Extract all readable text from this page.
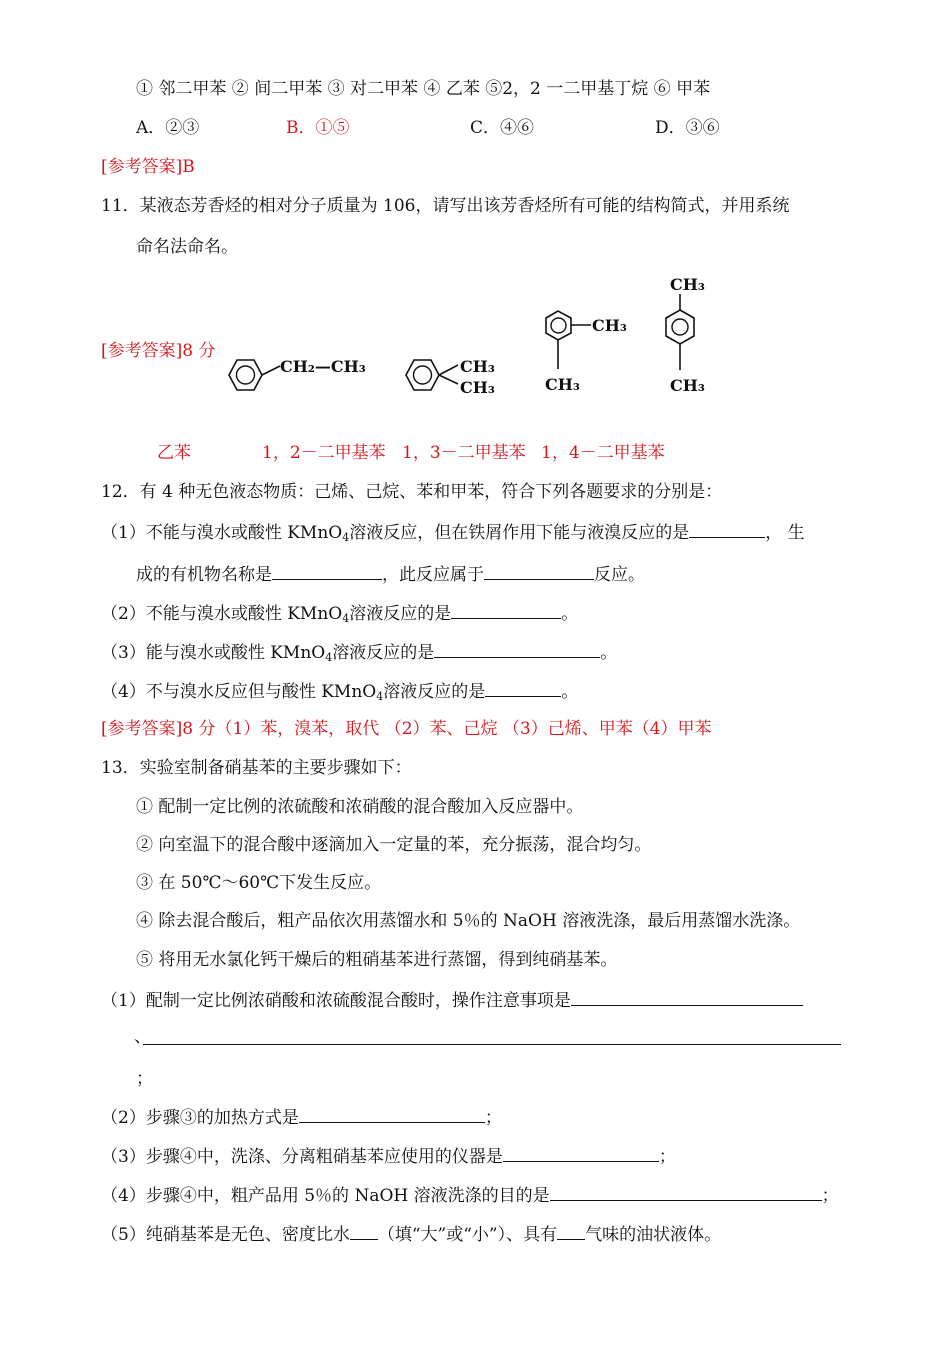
① 邻二甲苯 ② 间二甲苯 ③ 对二甲苯 ④ 乙苯 ⑤2，2 一二甲基丁烷 ⑥ 甲苯
A．②③	B．①⑤	C．④⑥	D．③⑥
[参考答案]B
11．某液态芳香烃的相对分子质量为 106，请写出该芳香烃所有可能的结构简式，并用系统
命名法命名。
[参考答案]8 分
CH₂—CH₃	CH₃
CH₃
CH₃
CH₃
CH₃
CH₃
乙苯	1，2－二甲基苯 1，3－二甲基苯 1，4－二甲基苯
12．有 4 种无色液态物质：己烯、己烷、苯和甲苯，符合下列各题要求的分别是：
（1）不能与溴水或酸性 KMnO$_4$溶液反应，但在铁屑作用下能与液溴反应的是	， 生
成的有机物名称是	，此反应属于	反应。
（2）不能与溴水或酸性 KMnO$_4$溶液反应的是	。
（3）能与溴水或酸性 KMnO$_4$溶液反应的是	。
（4）不与溴水反应但与酸性 KMnO$_4$溶液反应的是	。
[参考答案]8 分（1）苯，溴苯，取代 （2）苯、己烷 （3）己烯、甲苯（4）甲苯
13．实验室制备硝基苯的主要步骤如下：
① 配制一定比例的浓硫酸和浓硝酸的混合酸加入反应器中。
② 向室温下的混合酸中逐滴加入一定量的苯，充分振荡，混合均匀。
③ 在 50℃～60℃下发生反应。
④ 除去混合酸后，粗产品依次用蒸馏水和 5％的 NaOH 溶液洗涤，最后用蒸馏水洗涤。
⑤ 将用无水氯化钙干燥后的粗硝基苯进行蒸馏，得到纯硝基苯。
（1）配制一定比例浓硝酸和浓硫酸混合酸时，操作注意事项是
、
；
（2）步骤③的加热方式是	；
（3）步骤④中，洗涤、分离粗硝基苯应使用的仪器是	；
（4）步骤④中，粗产品用 5％的 NaOH 溶液洗涤的目的是	；
（5）纯硝基苯是无色、密度比水 （填“大”或“小”）、具有 气味的油状液体。
